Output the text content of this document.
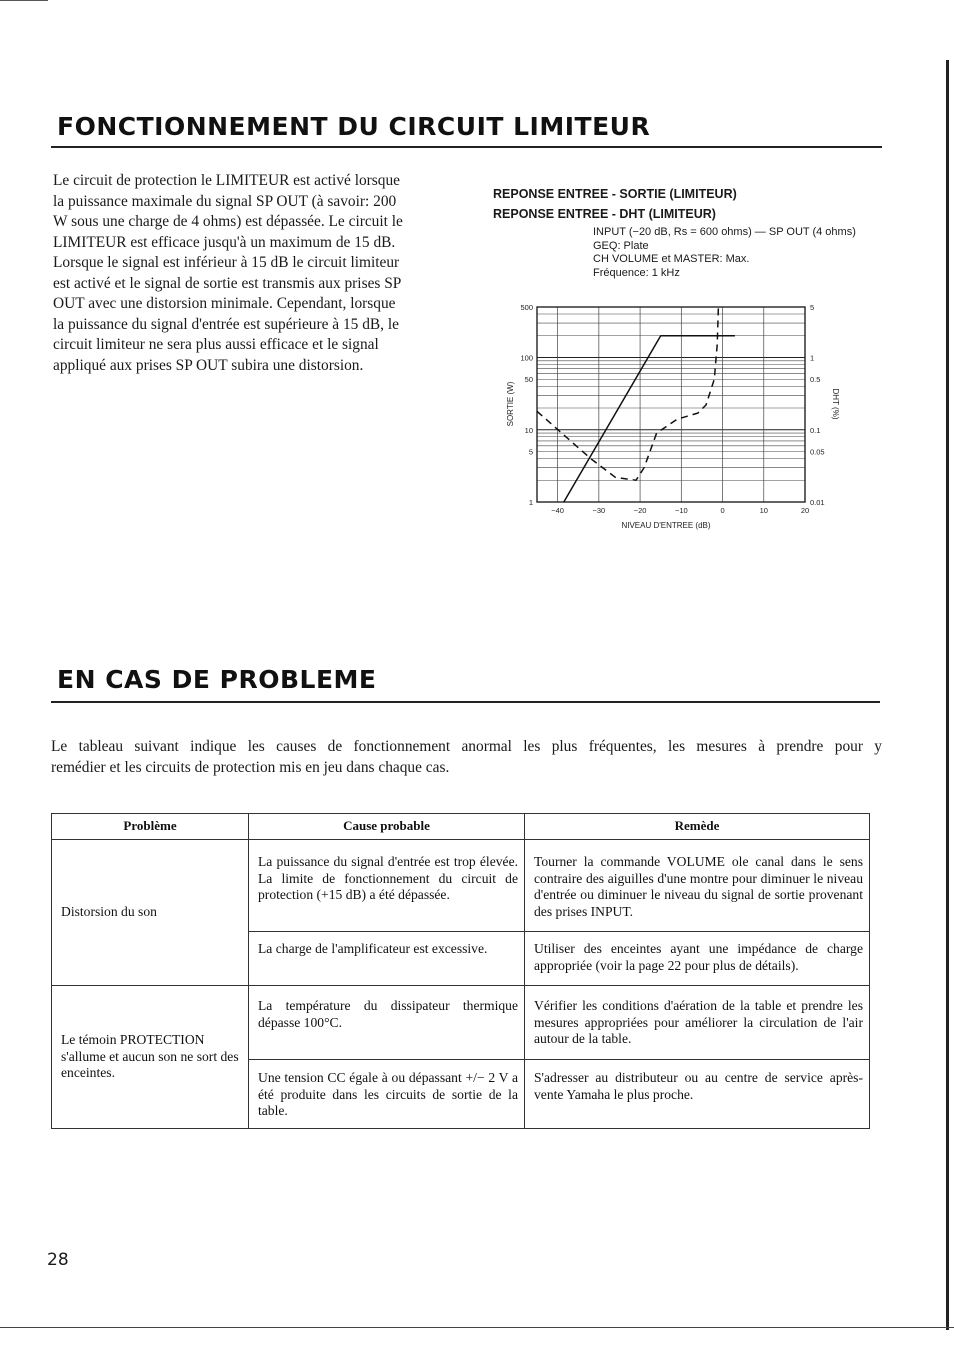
FONCTIONNEMENT DU CIRCUIT LIMITEUR
Le circuit de protection le LIMITEUR est activé lorsque
la puissance maximale du signal SP OUT (à savoir: 200
W sous une charge de 4 ohms) est dépassée. Le circuit le
LIMITEUR est efficace jusqu'à un maximum de 15 dB.
Lorsque le signal est inférieur à 15 dB le circuit limiteur
est activé et le signal de sortie est transmis aux prises SP
OUT avec une distorsion minimale. Cependant, lorsque
la puissance du signal d'entrée est supérieure à 15 dB, le
circuit limiteur ne sera plus aussi efficace et le signal
appliqué aux prises SP OUT subira une distorsion.
REPONSE ENTREE - SORTIE (LIMITEUR)
REPONSE ENTREE - DHT (LIMITEUR)
INPUT (−20 dB, Rs = 600 ohms) — SP OUT (4 ohms)
GEQ: Plate
CH VOLUME et MASTER: Max.
Fréquence: 1 kHz
1
5
10
50
100
500
0.01
0.05
0.1
0.5
1
5
−40	−30	−20	−10	0	10	20
SORTIE (W)	DHT (%)
NIVEAU D'ENTREE (dB)
EN CAS DE PROBLEME
Le tableau suivant indique les causes de fonctionnement anormal les plus fréquentes, les mesures à prendre pour y
remédier et les circuits de protection mis en jeu dans chaque cas.
Problème	Cause probable	Remède

Distorsion du son	La puissance du signal d'entrée est trop élevée. La limite de fonctionnement du circuit de protection (+15 dB) a été dépassée.	Tourner la commande VOLUME ole canal dans le sens contraire des aiguilles d'une montre pour diminuer le niveau d'entrée ou diminuer le niveau du signal de sortie provenant des prises INPUT.

	La charge de l'amplificateur est excessive.	Utiliser des enceintes ayant une impédance de charge appropriée (voir la page 22 pour plus de détails).

Le témoin PROTECTION s'allume et aucun son ne sort des enceintes.	La température du dissipateur thermique dépasse 100°C.	Vérifier les conditions d'aération de la table et prendre les mesures appropriées pour améliorer la circulation de l'air autour de la table.

	Une tension CC égale à ou dépassant +/− 2 V a été produite dans les circuits de sortie de la table.	S'adresser au distributeur ou au centre de service après-vente Yamaha le plus proche.
28
